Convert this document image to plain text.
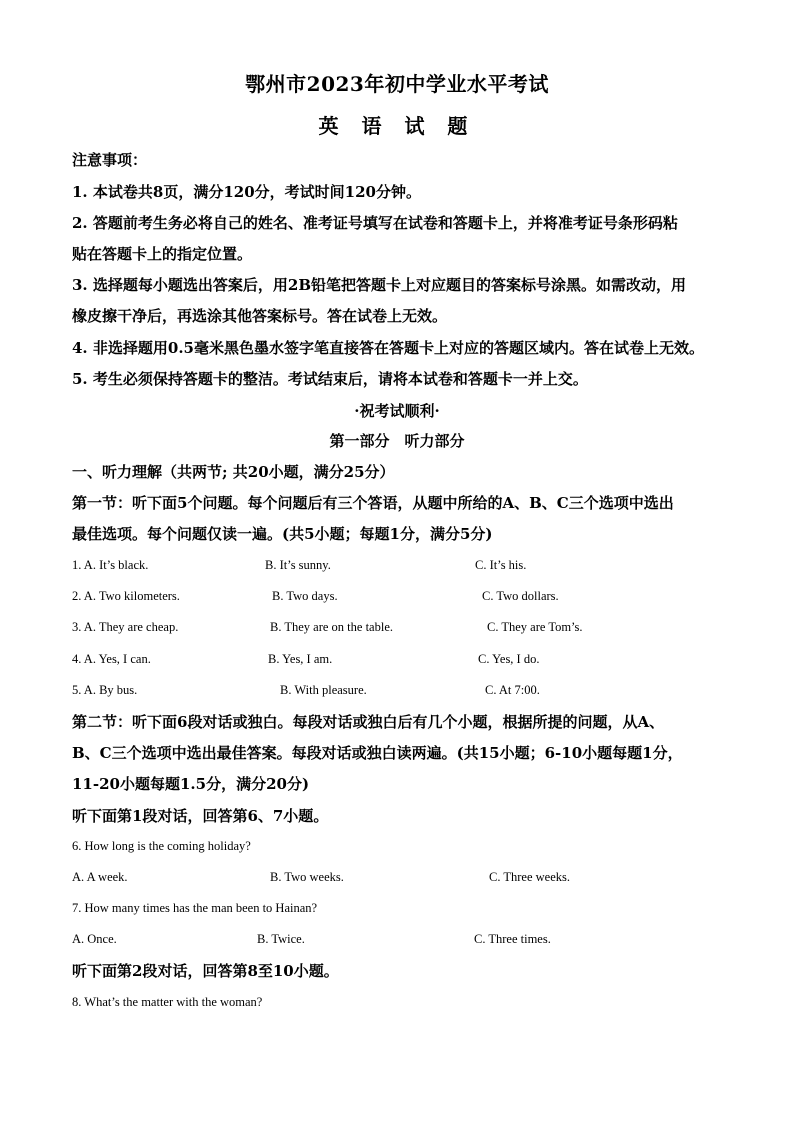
鄂州市2023年初中学业水平考试
英 语 试 题
注意事项：
1. 本试卷共8页，满分120分，考试时间120分钟。
2. 答题前考生务必将自己的姓名、准考证号填写在试卷和答题卡上，并将准考证号条形码粘
贴在答题卡上的指定位置。
3. 选择题每小题选出答案后，用2B铅笔把答题卡上对应题目的答案标号涂黑。如需改动，用
橡皮擦干净后，再选涂其他答案标号。答在试卷上无效。
4. 非选择题用0.5毫米黑色墨水签字笔直接答在答题卡上对应的答题区域内。答在试卷上无效。
5. 考生必须保持答题卡的整洁。考试结束后，请将本试卷和答题卡一并上交。
·祝考试顺利·
第一部分　听力部分
一、听力理解（共两节; 共20小题，满分25分）
第一节：听下面5个问题。每个问题后有三个答语，从题中所给的A、B、C三个选项中选出
最佳选项。每个问题仅读一遍。(共5小题；每题1分，满分5分)
1. A. It’s black.	B. It’s sunny.	C. It’s his.
2. A. Two kilometers.	B. Two days.	C. Two dollars.
3. A. They are cheap.	B. They are on the table.	C. They are Tom’s.
4. A. Yes, I can.	B. Yes, I am.	C. Yes, I do.
5. A. By bus.	B. With pleasure.	C. At 7:00.
第二节：听下面6段对话或独白。每段对话或独白后有几个小题，根据所提的问题，从A、
B、C三个选项中选出最佳答案。每段对话或独白读两遍。(共15小题；6-10小题每题1分，
11-20小题每题1.5分，满分20分)
听下面第1段对话，回答第6、7小题。
6. How long is the coming holiday?
A. A week.	B. Two weeks.	C. Three weeks.
7. How many times has the man been to Hainan?
A. Once.	B. Twice.	C. Three times.
听下面第2段对话，回答第8至10小题。
8. What’s the matter with the woman?
